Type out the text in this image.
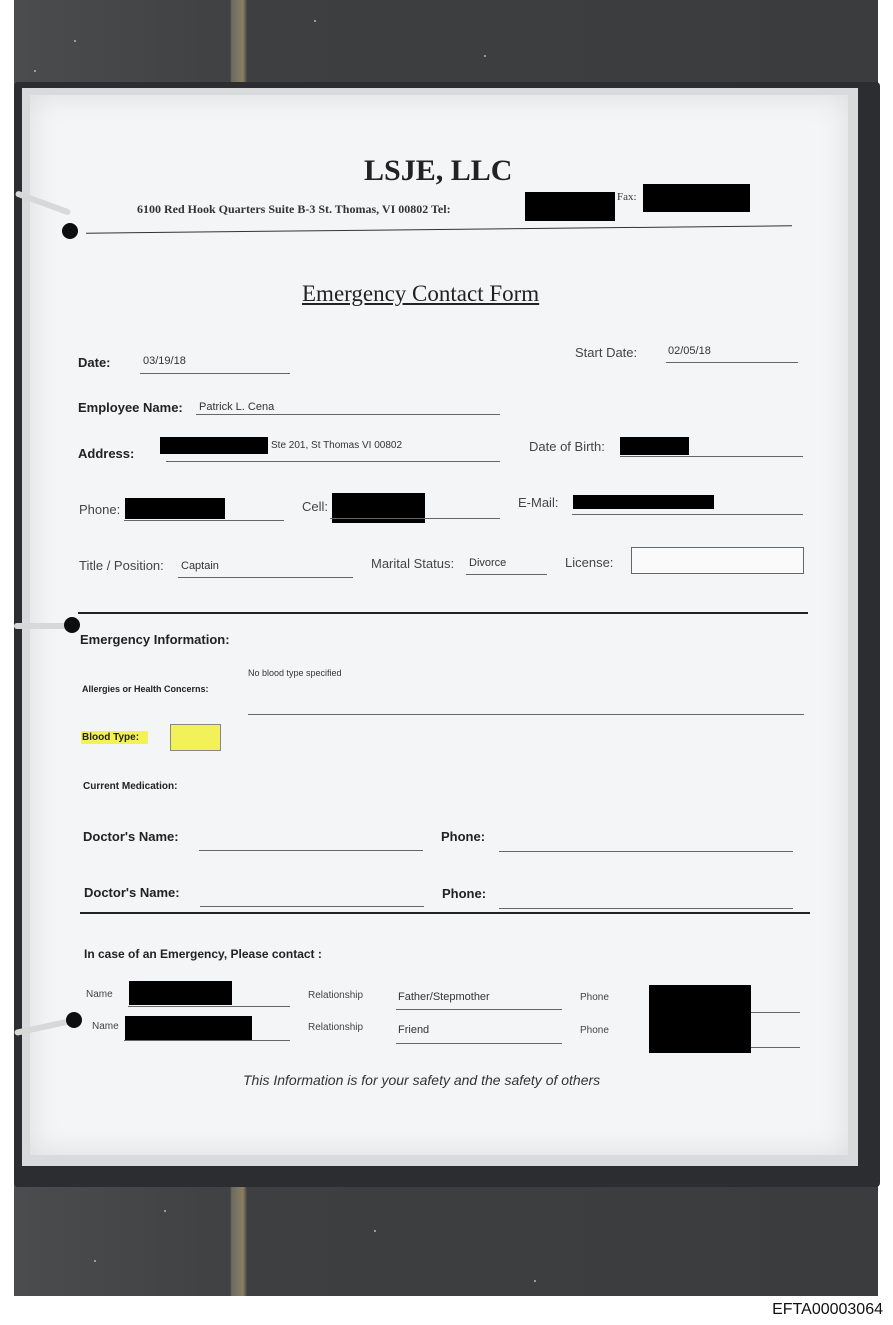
LSJE, LLC
6100 Red Hook Quarters Suite B-3 St. Thomas, VI 00802 Tel:
Fax:
Emergency Contact Form
Date:	03/19/18
Start Date:	02/05/18
Employee Name: Patrick L. Cena
Address:
Ste 201, St Thomas VI 00802	Date of Birth:
Phone:	Cell:	E-Mail:
Title / Position: Captain	Marital Status: Divorce	License:
Emergency Information:
Allergies or Health Concerns:
No blood type specified
Blood Type:
Current Medication:
Doctor's Name:	Phone:
Doctor's Name:	Phone:
In case of an Emergency, Please contact :
Name	Relationship	Father/Stepmother	Phone
Name	Relationship	Friend	Phone
This Information is for your safety and the safety of others
EFTA00003064
